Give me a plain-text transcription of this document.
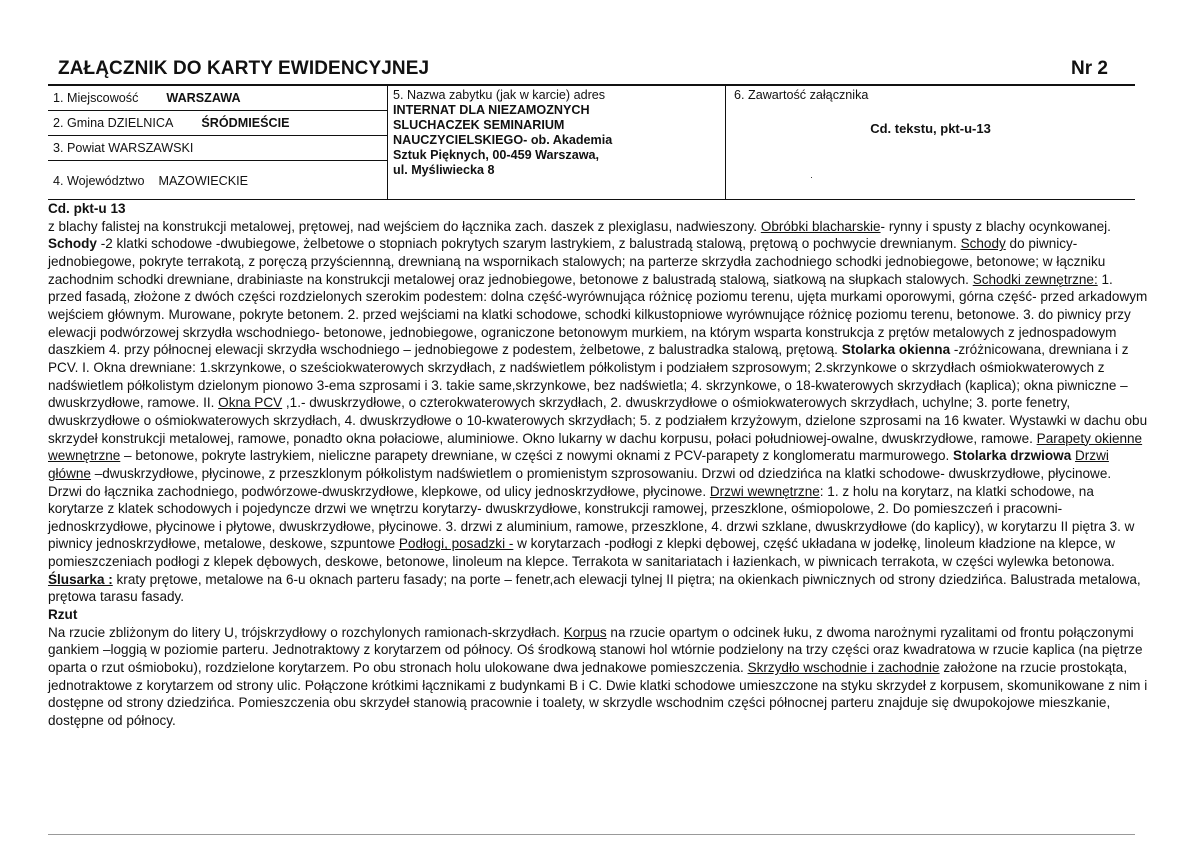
ZAŁĄCZNIK DO KARTY EWIDENCYJNEJ	Nr 2
1. Miejscowość WARSZAWA
2. Gmina DZIELNICA ŚRÓDMIEŚCIE
3. Powiat WARSZAWSKI
4. Województwo MAZOWIECKIE
5. Nazwa zabytku (jak w karcie) adres
INTERNAT DLA NIEZAMOZNYCH
SLUCHACZEK SEMINARIUM
NAUCZYCIELSKIEGO- ob. Akademia
Sztuk Pięknych, 00-459 Warszawa,
ul. Myśliwiecka 8
6. Zawartość załącznika
Cd. tekstu, pkt-u-13
·

Cd. pkt-u 13

z blachy falistej na konstrukcji metalowej, prętowej, nad wejściem do łącznika zach. daszek z plexiglasu, nadwieszony. Obróbki blacharskie- rynny i spusty z blachy ocynkowanej. Schody -2 klatki schodowe -dwubiegowe, żelbetowe o stopniach pokrytych szarym lastrykiem, z balustradą stalową, prętową o pochwycie drewnianym. Schody do piwnicy- jednobiegowe, pokryte terrakotą, z poręczą przyściennną, drewnianą na wspornikach stalowych; na parterze skrzydła zachodniego schodki jednobiegowe, betonowe; w łączniku zachodnim schodki drewniane, drabiniaste na konstrukcji metalowej oraz jednobiegowe, betonowe z balustradą stalową, siatkową na słupkach stalowych. Schodki zewnętrzne: 1. przed fasadą, złożone z dwóch części rozdzielonych szerokim podestem: dolna część-wyrównująca różnicę poziomu terenu, ujęta murkami oporowymi, górna część- przed arkadowym wejściem głównym. Murowane, pokryte betonem. 2. przed wejściami na klatki schodowe, schodki kilkustopniowe wyrównujące różnicę poziomu terenu, betonowe. 3. do piwnicy przy elewacji podwórzowej skrzydła wschodniego- betonowe, jednobiegowe, ograniczone betonowym murkiem, na którym wsparta konstrukcja z prętów metalowych z jednospadowym daszkiem 4. przy północnej elewacji skrzydła wschodniego – jednobiegowe z podestem, żelbetowe, z balustradka stalową, prętową. Stolarka okienna -zróżnicowana, drewniana i z PCV. I. Okna drewniane: 1.skrzynkowe, o sześciokwaterowych skrzydłach, z nadświetlem półkolistym i podziałem szprosowym; 2.skrzynkowe o skrzydłach ośmiokwaterowych z nadświetlem półkolistym dzielonym pionowo 3-ema szprosami i 3. takie same,skrzynkowe, bez nadświetla; 4. skrzynkowe, o 18-kwaterowych skrzydłach (kaplica); okna piwniczne – dwuskrzydłowe, ramowe. II. Okna PCV ,1.- dwuskrzydłowe, o czterokwaterowych skrzydłach, 2. dwuskrzydłowe o ośmiokwaterowych skrzydłach, uchylne; 3. porte fenetry, dwuskrzydłowe o ośmiokwaterowych skrzydłach, 4. dwuskrzydłowe o 10-kwaterowych skrzydłach; 5. z podziałem krzyżowym, dzielone szprosami na 16 kwater. Wystawki w dachu obu skrzydeł konstrukcji metalowej, ramowe, ponadto okna połaciowe, aluminiowe. Okno lukarny w dachu korpusu, połaci południowej-owalne, dwuskrzydłowe, ramowe. Parapety okienne wewnętrzne – betonowe, pokryte lastrykiem, nieliczne parapety drewniane, w części z nowymi oknami z PCV-parapety z konglomeratu marmurowego. Stolarka drzwiowa Drzwi główne –dwuskrzydłowe, płycinowe, z przeszklonym półkolistym nadświetlem o promienistym szprosowaniu. Drzwi od dziedzińca na klatki schodowe- dwuskrzydłowe, płycinowe. Drzwi do łącznika zachodniego, podwórzowe-dwuskrzydłowe, klepkowe, od ulicy jednoskrzydłowe, płycinowe. Drzwi wewnętrzne: 1. z holu na korytarz, na klatki schodowe, na korytarze z klatek schodowych i pojedyncze drzwi we wnętrzu korytarzy- dwuskrzydłowe, konstrukcji ramowej, przeszklone, ośmiopolowe, 2. Do pomieszczeń i pracowni-jednoskrzydłowe, płycinowe i płytowe, dwuskrzydłowe, płycinowe. 3. drzwi z aluminium, ramowe, przeszklone, 4. drzwi szklane, dwuskrzydłowe (do kaplicy), w korytarzu II piętra 3. w piwnicy jednoskrzydłowe, metalowe, deskowe, szpuntowe Podłogi, posadzki - w korytarzach -podłogi z klepki dębowej, część układana w jodełkę, linoleum kładzione na klepce, w pomieszczeniach podłogi z klepek dębowych, deskowe, betonowe, linoleum na klepce. Terrakota w sanitariatach i łazienkach, w piwnicach terrakota, w części wylewka betonowa. Ślusarka : kraty prętowe, metalowe na 6-u oknach parteru fasady; na porte – fenetr,ach elewacji tylnej II piętra; na okienkach piwnicznych od strony dziedzińca. Balustrada metalowa, prętowa tarasu fasady.

Rzut

Na rzucie zbliżonym do litery U, trójskrzydłowy o rozchylonych ramionach-skrzydłach. Korpus na rzucie opartym o odcinek łuku, z dwoma narożnymi ryzalitami od frontu połączonymi gankiem –loggią w poziomie parteru. Jednotraktowy z korytarzem od północy. Oś środkową stanowi hol wtórnie podzielony na trzy części oraz kwadratowa w rzucie kaplica (na piętrze oparta o rzut ośmioboku), rozdzielone korytarzem. Po obu stronach holu ulokowane dwa jednakowe pomieszczenia. Skrzydło wschodnie i zachodnie założone na rzucie prostokąta, jednotraktowe z korytarzem od strony ulic. Połączone krótkimi łącznikami z budynkami B i C. Dwie klatki schodowe umieszczone na styku skrzydeł z korpusem, skomunikowane z nim i dostępne od strony dziedzińca. Pomieszczenia obu skrzydeł stanowią pracownie i toalety, w skrzydle wschodnim części północnej parteru znajduje się dwupokojowe mieszkanie, dostępne od północy.
